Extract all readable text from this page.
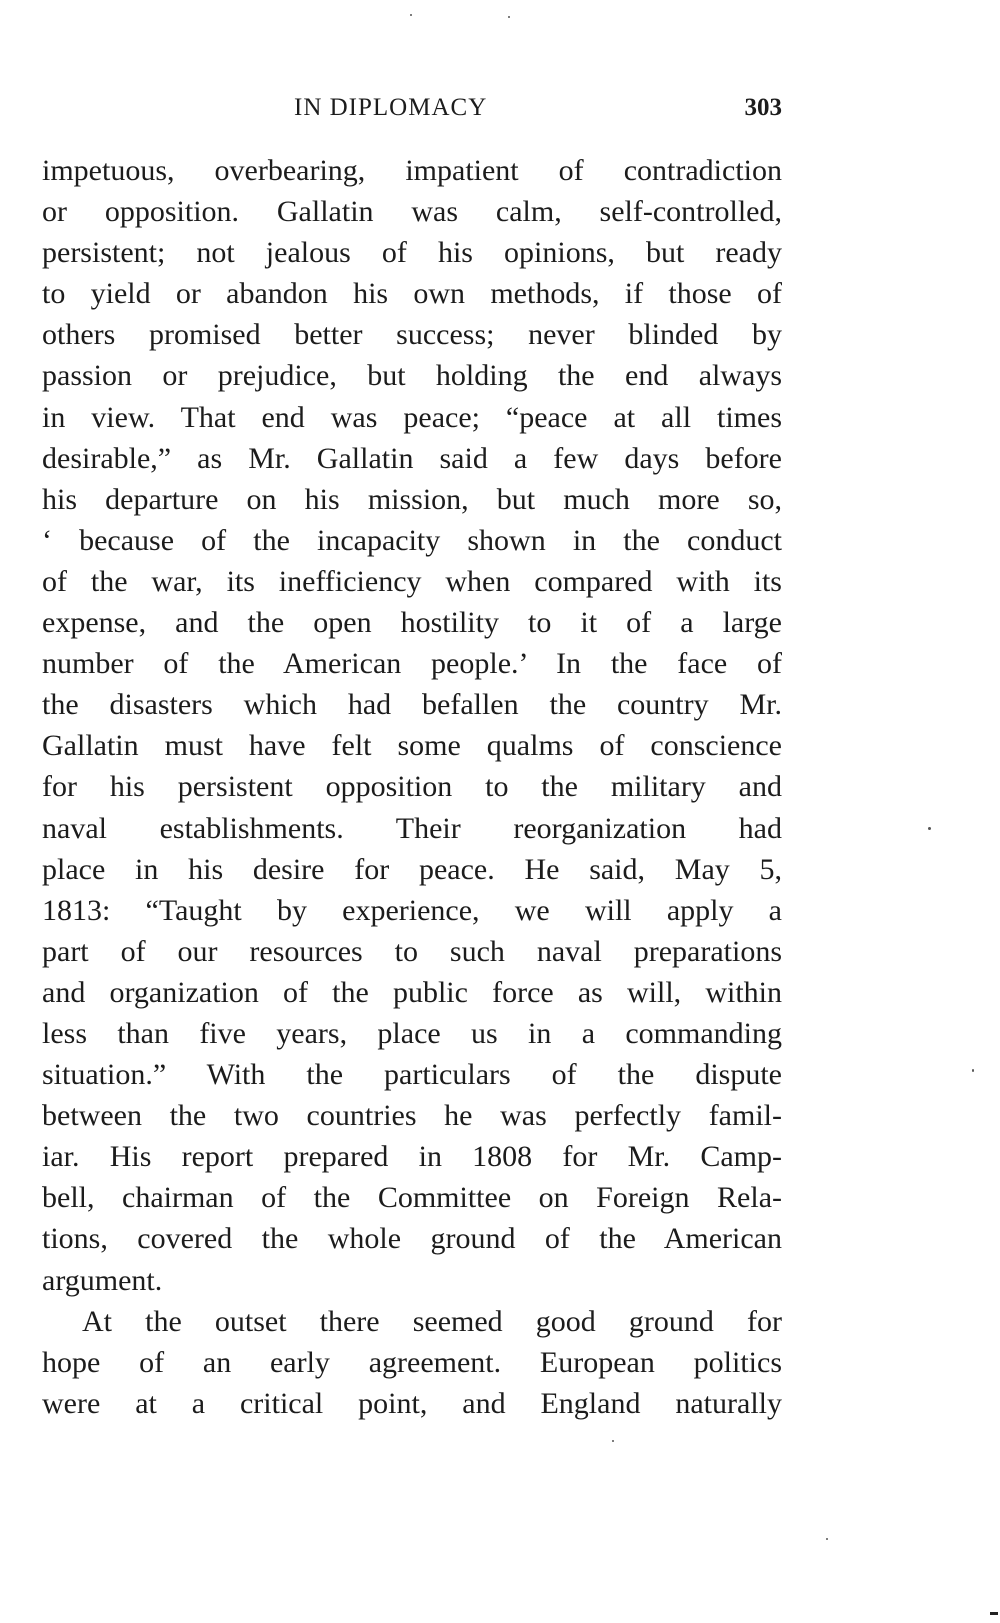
IN DIPLOMACY	303
impetuous, overbearing, impatient of contradiction
or opposition. Gallatin was calm, self-controlled,
persistent; not jealous of his opinions, but ready
to yield or abandon his own methods, if those of
others promised better success; never blinded by
passion or prejudice, but holding the end always
in view. That end was peace; “peace at all times
desirable,” as Mr. Gallatin said a few days before
his departure on his mission, but much more so,
‘ because of the incapacity shown in the conduct
of the war, its inefficiency when compared with its
expense, and the open hostility to it of a large
number of the American people.’ In the face of
the disasters which had befallen the country Mr.
Gallatin must have felt some qualms of conscience
for his persistent opposition to the military and
naval establishments. Their reorganization had
place in his desire for peace. He said, May 5,
1813: “Taught by experience, we will apply a
part of our resources to such naval preparations
and organization of the public force as will, within
less than five years, place us in a commanding
situation.” With the particulars of the dispute
between the two countries he was perfectly famil-
iar. His report prepared in 1808 for Mr. Camp-
bell, chairman of the Committee on Foreign Rela-
tions, covered the whole ground of the American
argument.
At the outset there seemed good ground for
hope of an early agreement. European politics
were at a critical point, and England naturally
